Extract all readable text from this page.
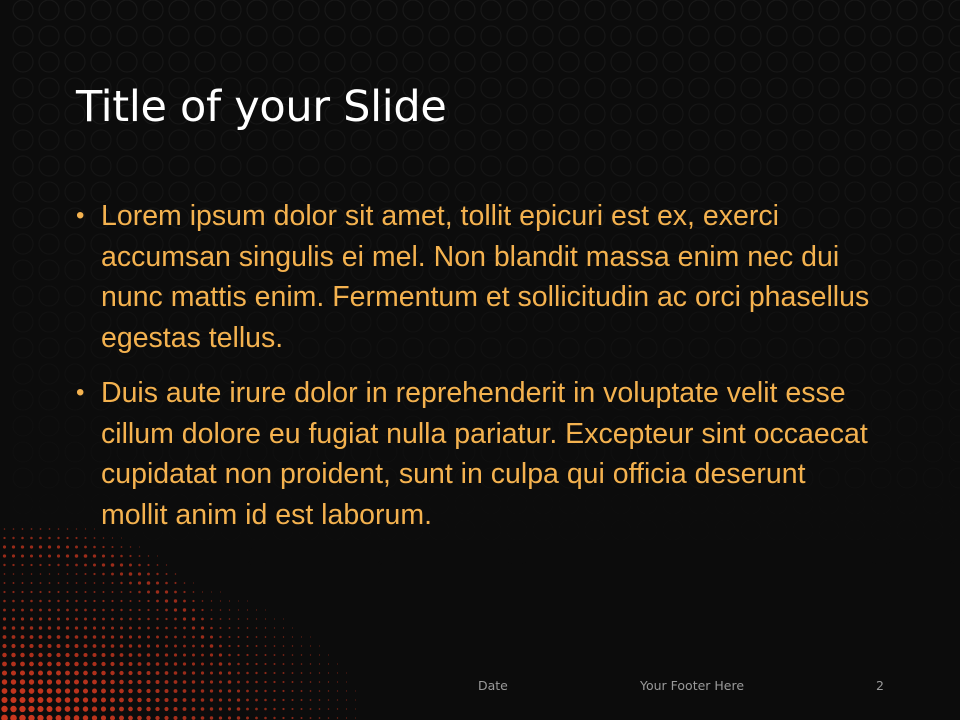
Title of your Slide
• Lorem ipsum dolor sit amet, tollit epicuri est ex, exerci accumsan singulis ei mel. Non blandit massa enim nec dui nunc mattis enim. Fermentum et sollicitudin ac orci phasellus egestas tellus.
• Duis aute irure dolor in reprehenderit in voluptate velit esse cillum dolore eu fugiat nulla pariatur. Excepteur sint occaecat cupidatat non proident, sunt in culpa qui officia deserunt mollit anim id est laborum.
Date	Your Footer Here	2
